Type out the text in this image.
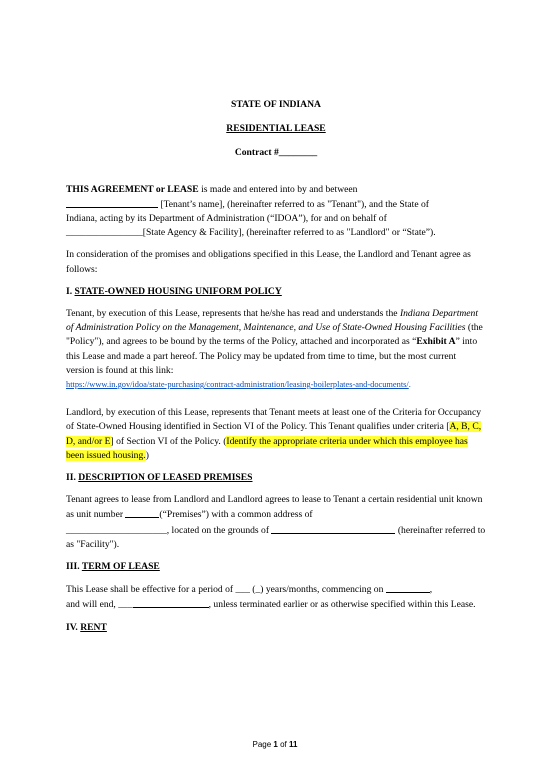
STATE OF INDIANA
RESIDENTIAL LEASE
Contract #________

THIS AGREEMENT or LEASE is made and entered into by and between
[Tenant’s name], (hereinafter referred to as "Tenant"), and the State of
Indiana, acting by its Department of Administration (“IDOA”), for and on behalf of
________________[State Agency & Facility], (hereinafter referred to as "Landlord" or “State”).

In consideration of the promises and obligations specified in this Lease, the Landlord and Tenant agree as follows:

I. STATE-OWNED HOUSING UNIFORM POLICY

Tenant, by execution of this Lease, represents that he/she has read and understands the Indiana Department of Administration Policy on the Management, Maintenance, and Use of State-Owned Housing Facilities (the "Policy"), and agrees to be bound by the terms of the Policy, attached and incorporated as “Exhibit A” into this Lease and made a part hereof. The Policy may be updated from time to time, but the most current version is found at this link:
https://www.in.gov/idoa/state-purchasing/contract-administration/leasing-boilerplates-and-documents/.

Landlord, by execution of this Lease, represents that Tenant meets at least one of the Criteria for Occupancy of State-Owned Housing identified in Section VI of the Policy. This Tenant qualifies under criteria [A, B, C, D, and/or E] of Section VI of the Policy. (Identify the appropriate criteria under which this employee has been issued housing.)

II. DESCRIPTION OF LEASED PREMISES

Tenant agrees to lease from Landlord and Landlord agrees to lease to Tenant a certain residential unit known as unit number	(“Premises”) with a common address of
_____________________, located on the grounds of	(hereinafter referred to as "Facility").

III. TERM OF LEASE

This Lease shall be effective for a period of ___ (_) years/months, commencing on	,
and will end, ___	, unless terminated earlier or as otherwise specified within this Lease.

IV. RENT
Page 1 of 11
